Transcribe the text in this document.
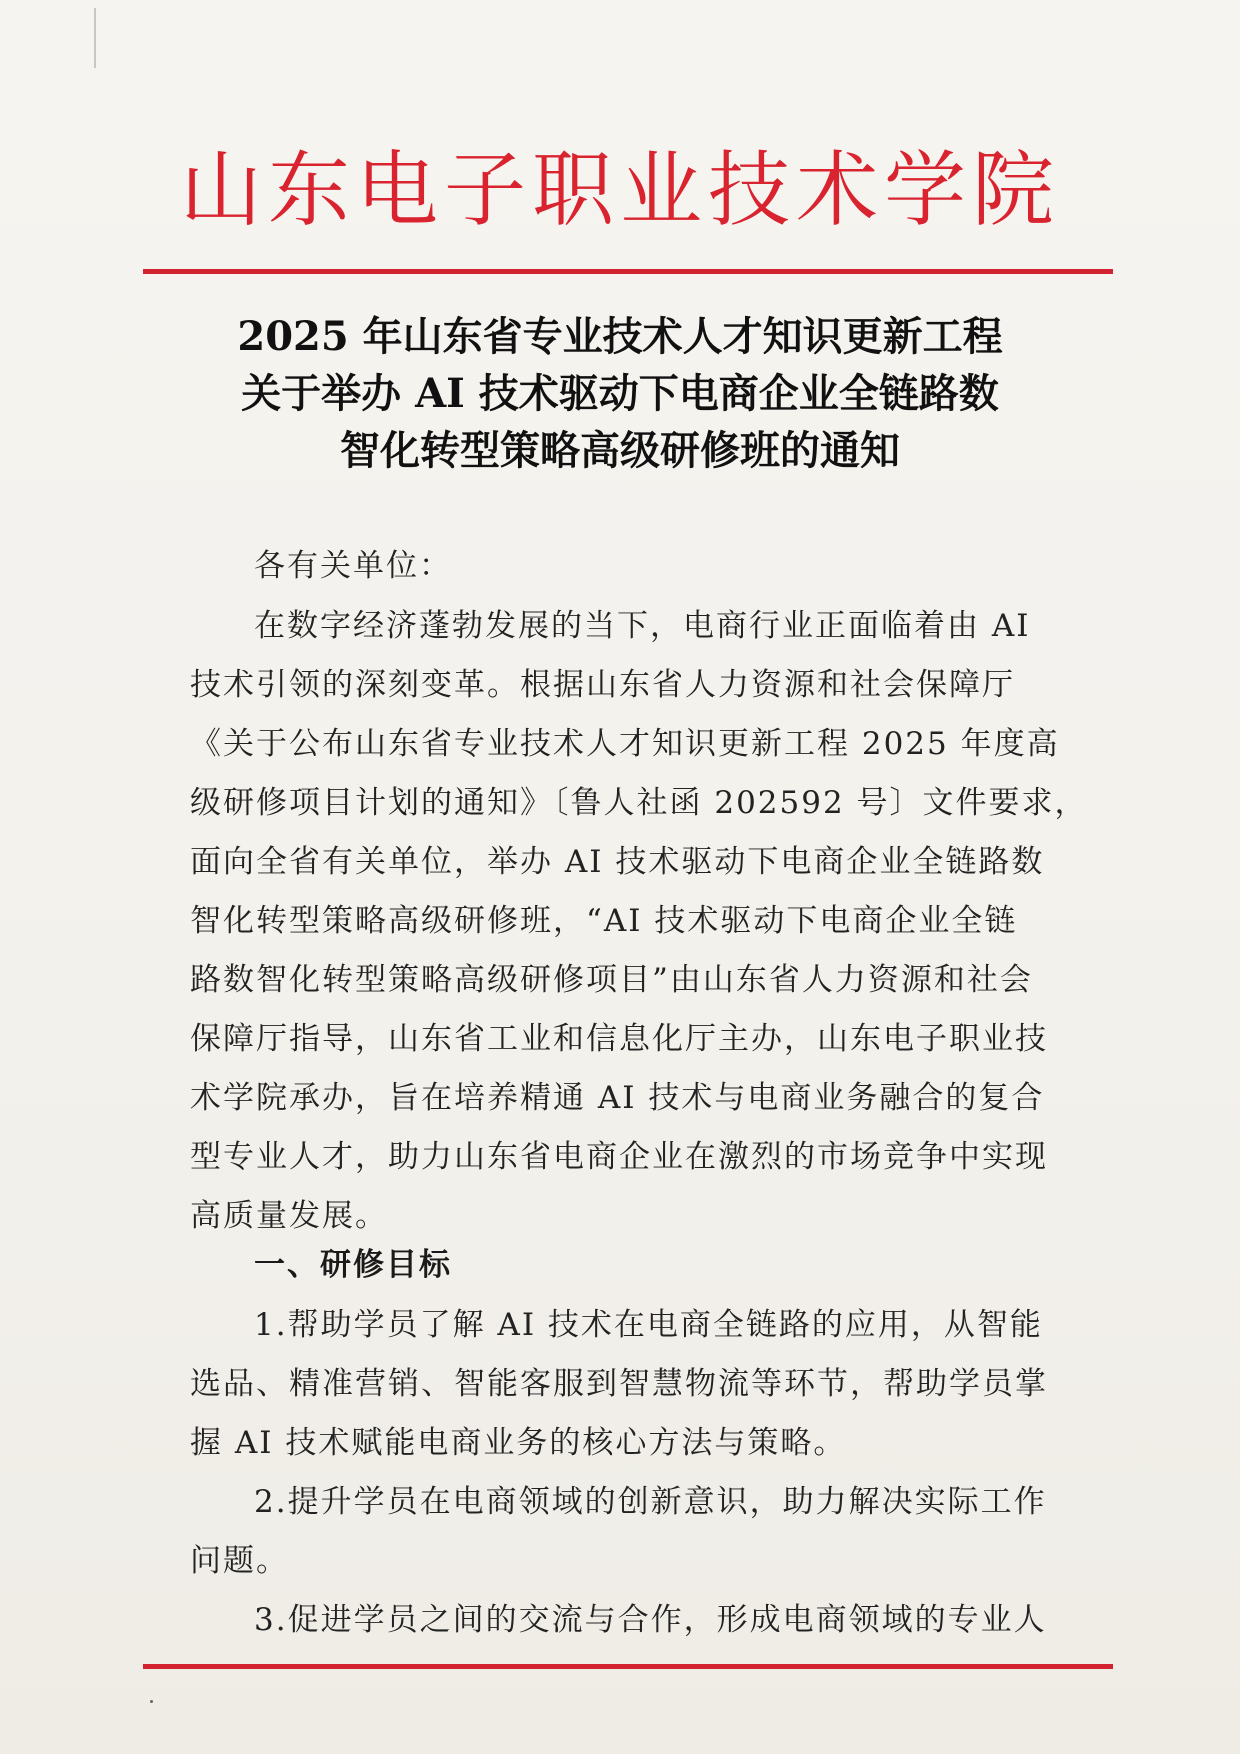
山东电子职业技术学院
2025 年山东省专业技术人才知识更新工程
关于举办 AI 技术驱动下电商企业全链路数
智化转型策略高级研修班的通知
各有关单位：
在数字经济蓬勃发展的当下，电商行业正面临着由 AI
技术引领的深刻变革。根据山东省人力资源和社会保障厅
《关于公布山东省专业技术人才知识更新工程 2025 年度高
级研修项目计划的通知》〔鲁人社函 202592 号〕文件要求，
面向全省有关单位，举办 AI 技术驱动下电商企业全链路数
智化转型策略高级研修班，“AI 技术驱动下电商企业全链
路数智化转型策略高级研修项目”由山东省人力资源和社会
保障厅指导，山东省工业和信息化厅主办，山东电子职业技
术学院承办，旨在培养精通 AI 技术与电商业务融合的复合
型专业人才，助力山东省电商企业在激烈的市场竞争中实现
高质量发展。
一、研修目标
1.帮助学员了解 AI 技术在电商全链路的应用，从智能
选品、精准营销、智能客服到智慧物流等环节，帮助学员掌
握 AI 技术赋能电商业务的核心方法与策略。
2.提升学员在电商领域的创新意识，助力解决实际工作
问题。
3.促进学员之间的交流与合作，形成电商领域的专业人
